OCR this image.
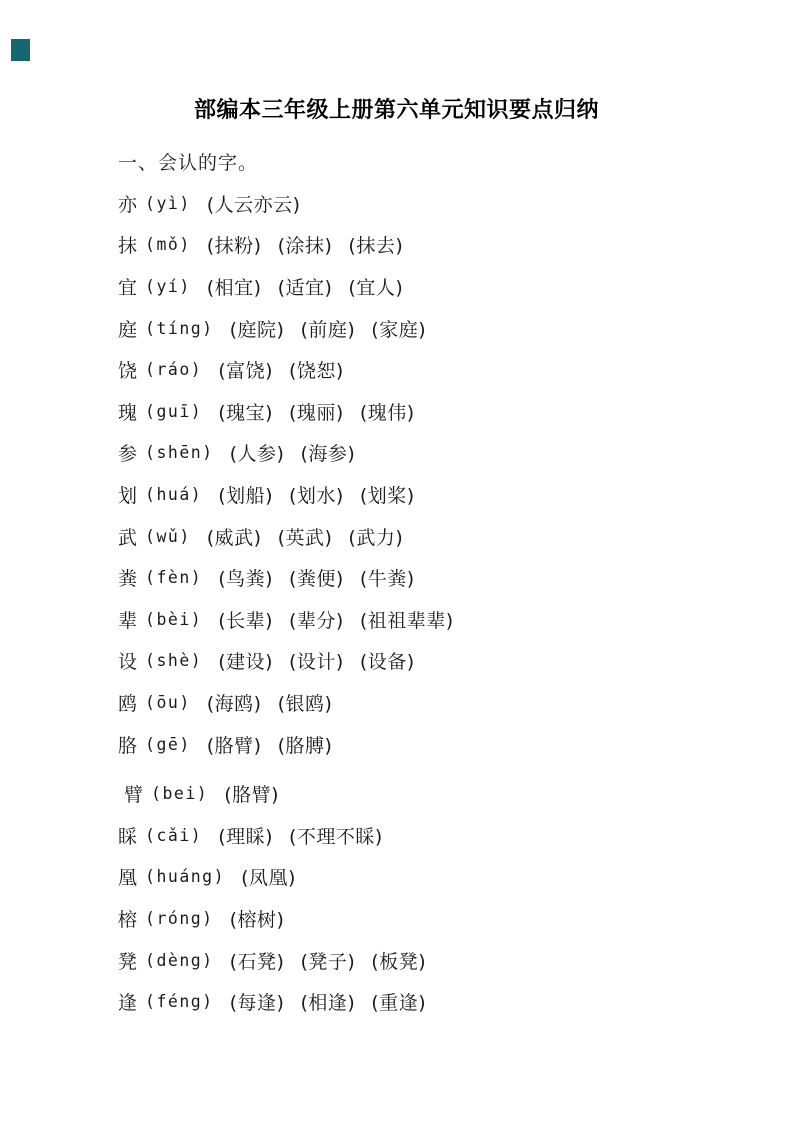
部编本三年级上册第六单元知识要点归纳
一、会认的字。
亦 (yì) (人云亦云)
抹 (mǒ) (抹粉) (涂抹) (抹去)
宜 (yí) (相宜) (适宜) (宜人)
庭 (tíng) (庭院) (前庭) (家庭)
饶 (ráo) (富饶) (饶恕)
瑰 (guī) (瑰宝) (瑰丽) (瑰伟)
参 (shēn) (人参) (海参)
划 (huá) (划船) (划水) (划桨)
武 (wǔ) (威武) (英武) (武力)
粪 (fèn) (鸟粪) (粪便) (牛粪)
辈 (bèi) (长辈) (辈分) (祖祖辈辈)
设 (shè) (建设) (设计) (设备)
鸥 (ōu) (海鸥) (银鸥)
胳 (gē) (胳臂) (胳膊)
臂 (bei) (胳臂)
睬 (cǎi) (理睬) (不理不睬)
凰 (huáng) (凤凰)
榕 (róng) (榕树)
凳 (dèng) (石凳) (凳子) (板凳)
逢 (féng) (每逢) (相逢) (重逢)
